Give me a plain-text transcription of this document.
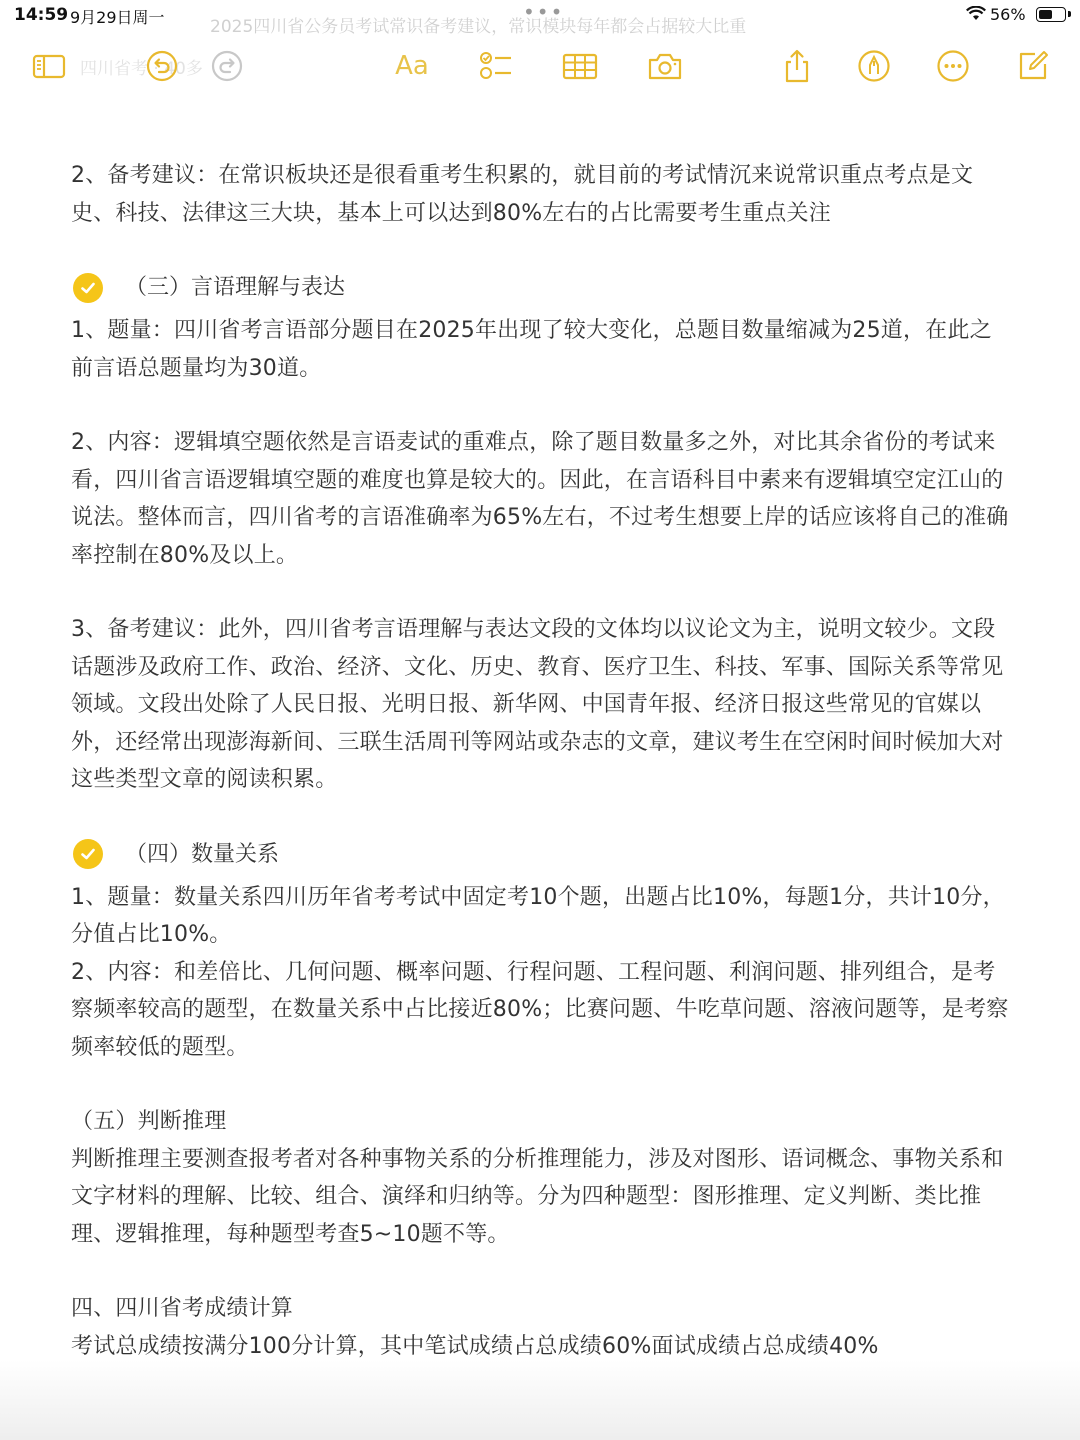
14:59 9月29日周一	•••	56%
2025四川省公务员考试常识备考建议，常识模块每年都会占据较大比重
四川省考 · 40多	Aa
2、备考建议：在常识板块还是很看重考生积累的，就目前的考试情沉来说常识重点考点是文史、科技、法律这三大块，基本上可以达到80%左右的占比需要考生重点关注
（三）言语理解与表达
1、题量：四川省考言语部分题目在2025年出现了较大变化，总题目数量缩减为25道，在此之前言语总题量均为30道。
2、内容：逻辑填空题依然是言语麦试的重难点，除了题目数量多之外，对比其余省份的考试来看，四川省言语逻辑填空题的难度也算是较大的。因此，在言语科目中素来有逻辑填空定江山的说法。整体而言，四川省考的言语准确率为65%左右，不过考生想要上岸的话应该将自己的准确率控制在80%及以上。
3、备考建议：此外，四川省考言语理解与表达文段的文体均以议论文为主，说明文较少。文段话题涉及政府工作、政治、经济、文化、历史、教育、医疗卫生、科技、军事、国际关系等常见领域。文段出处除了人民日报、光明日报、新华网、中国青年报、经济日报这些常见的官媒以外，还经常出现澎海新间、三联生活周刊等网站或杂志的文章，建议考生在空闲时间时候加大对这些类型文章的阅读积累。
（四）数量关系
1、题量：数量关系四川历年省考考试中固定考10个题，出题占比10%，每题1分，共计10分，分值占比10%。
2、内容：和差倍比、几何问题、概率问题、行程问题、工程问题、利润问题、排列组合，是考察频率较高的题型，在数量关系中占比接近80%；比赛问题、牛吃草问题、溶液问题等，是考察频率较低的题型。
（五）判断推理
判断推理主要测查报考者对各种事物关系的分析推理能力，涉及对图形、语词概念、事物关系和文字材料的理解、比较、组合、演绎和归纳等。分为四种题型：图形推理、定义判断、类比推理、逻辑推理，每种题型考查5~10题不等。
四、四川省考成绩计算
考试总成绩按满分100分计算，其中笔试成绩占总成绩60%面试成绩占总成绩40%
